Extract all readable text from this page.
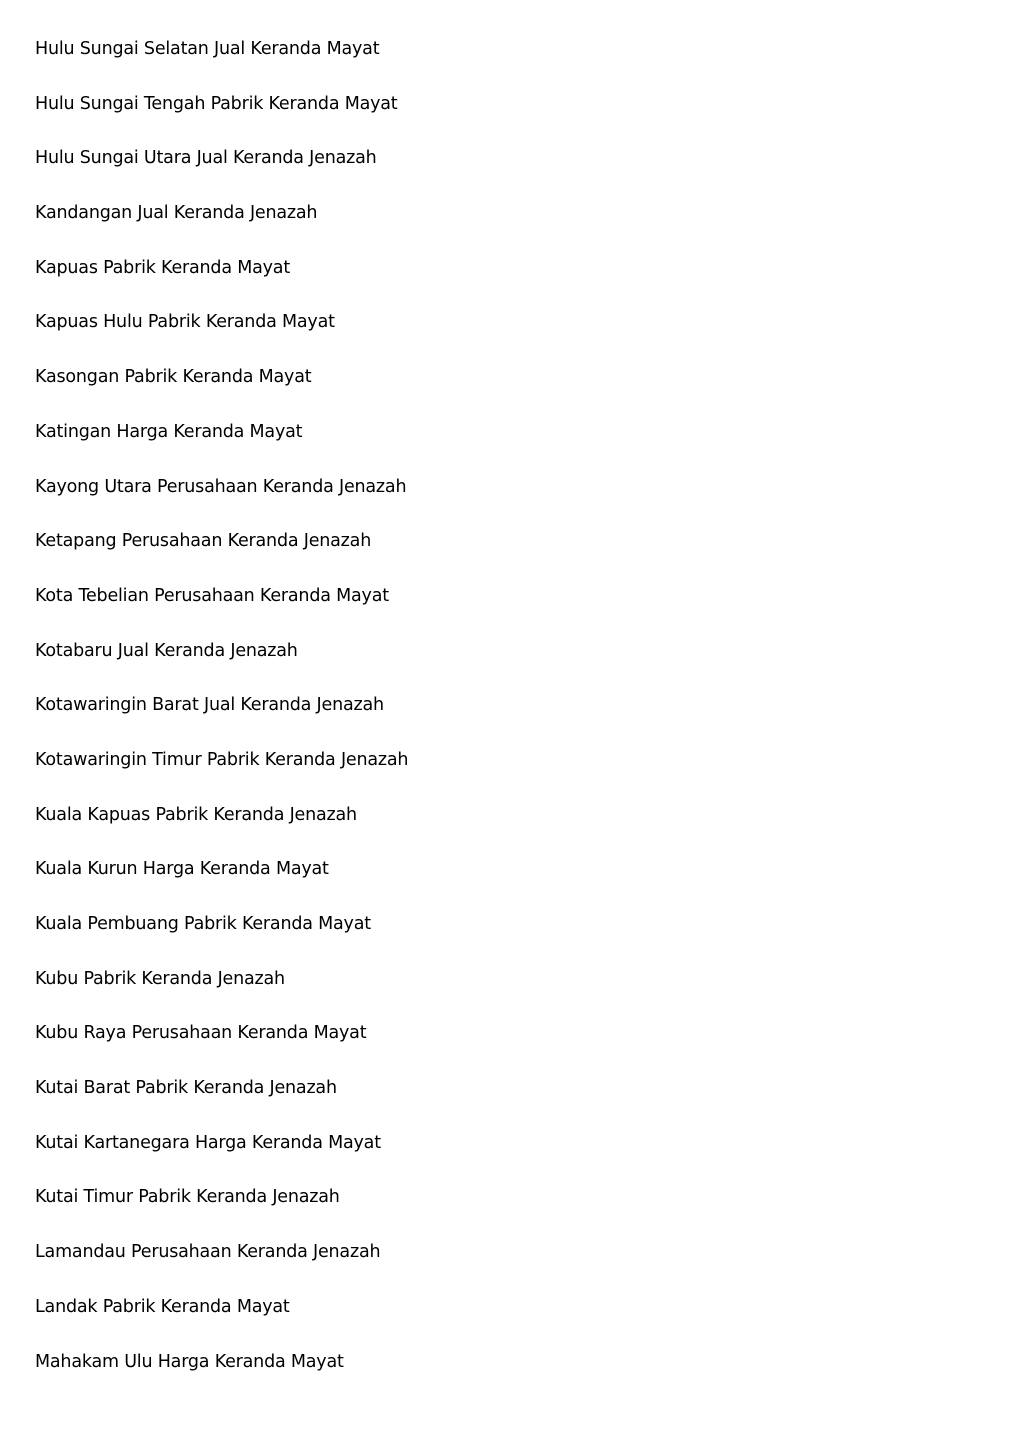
Hulu Sungai Selatan Jual Keranda Mayat
Hulu Sungai Tengah Pabrik Keranda Mayat
Hulu Sungai Utara Jual Keranda Jenazah
Kandangan Jual Keranda Jenazah
Kapuas Pabrik Keranda Mayat
Kapuas Hulu Pabrik Keranda Mayat
Kasongan Pabrik Keranda Mayat
Katingan Harga Keranda Mayat
Kayong Utara Perusahaan Keranda Jenazah
Ketapang Perusahaan Keranda Jenazah
Kota Tebelian Perusahaan Keranda Mayat
Kotabaru Jual Keranda Jenazah
Kotawaringin Barat Jual Keranda Jenazah
Kotawaringin Timur Pabrik Keranda Jenazah
Kuala Kapuas Pabrik Keranda Jenazah
Kuala Kurun Harga Keranda Mayat
Kuala Pembuang Pabrik Keranda Mayat
Kubu Pabrik Keranda Jenazah
Kubu Raya Perusahaan Keranda Mayat
Kutai Barat Pabrik Keranda Jenazah
Kutai Kartanegara Harga Keranda Mayat
Kutai Timur Pabrik Keranda Jenazah
Lamandau Perusahaan Keranda Jenazah
Landak Pabrik Keranda Mayat
Mahakam Ulu Harga Keranda Mayat
